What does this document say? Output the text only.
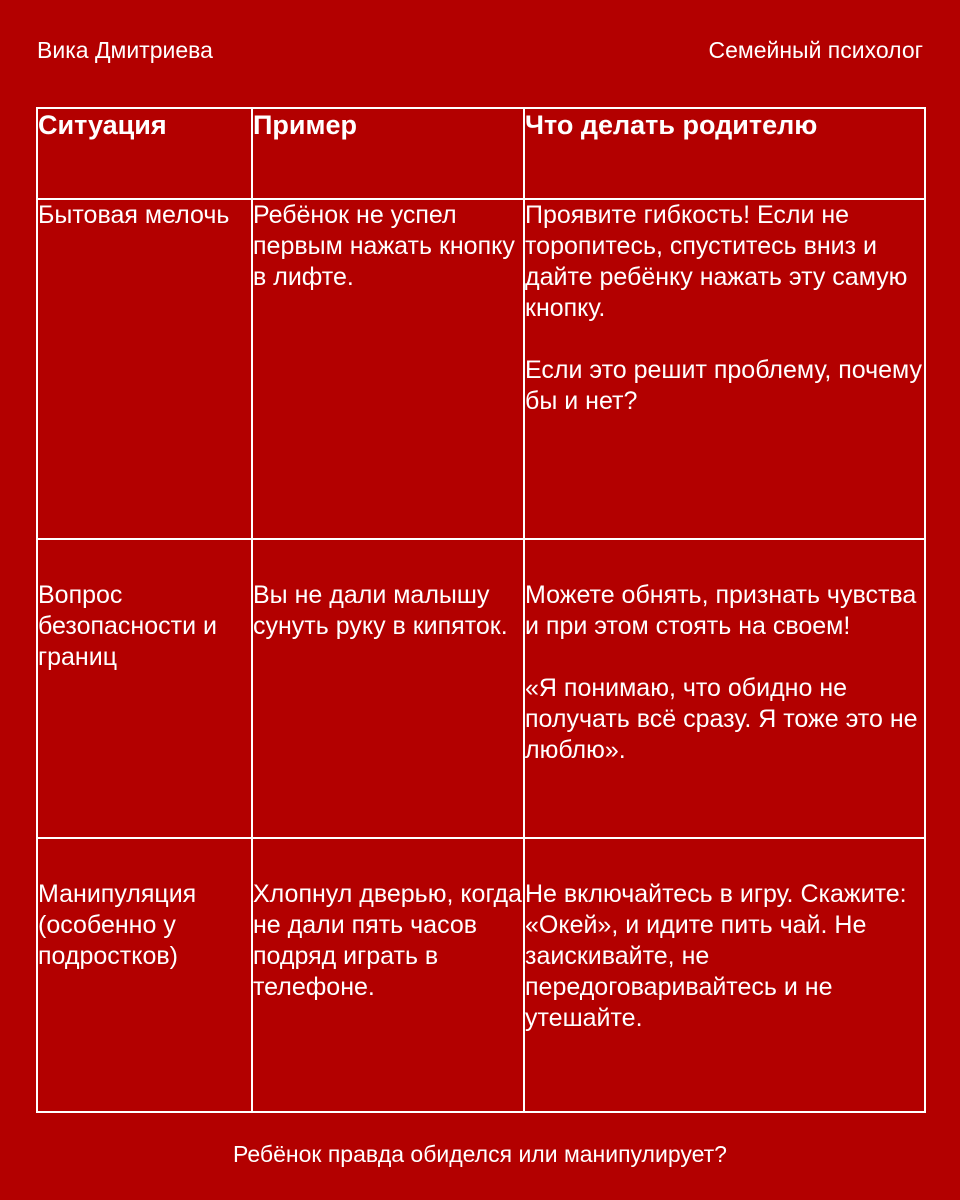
Вика Дмитриева	Семейный психолог
Ситуация	Пример	Что делать родителю
Бытовая мелочь	Ребёнок не успел первым нажать кнопку в лифте.	Проявите гибкость! Если не торопитесь, спуститесь вниз и дайте ребёнку нажать эту самую кнопку.
Если это решит проблему, почему бы и нет?

Вопрос безопасности и границ	Вы не дали малышу сунуть руку в кипяток.	Можете обнять, признать чувства и при этом стоять на своем!
«Я понимаю, что обидно не получать всё сразу. Я тоже это не люблю».

Манипуляция (особенно у подростков)	Хлопнул дверью, когда не дали пять часов подряд играть в телефоне.	Не включайтесь в игру. Скажите: «Окей», и идите пить чай. Не заискивайте, не передоговаривайтесь и не утешайте.
Ребёнок правда обиделся или манипулирует?
